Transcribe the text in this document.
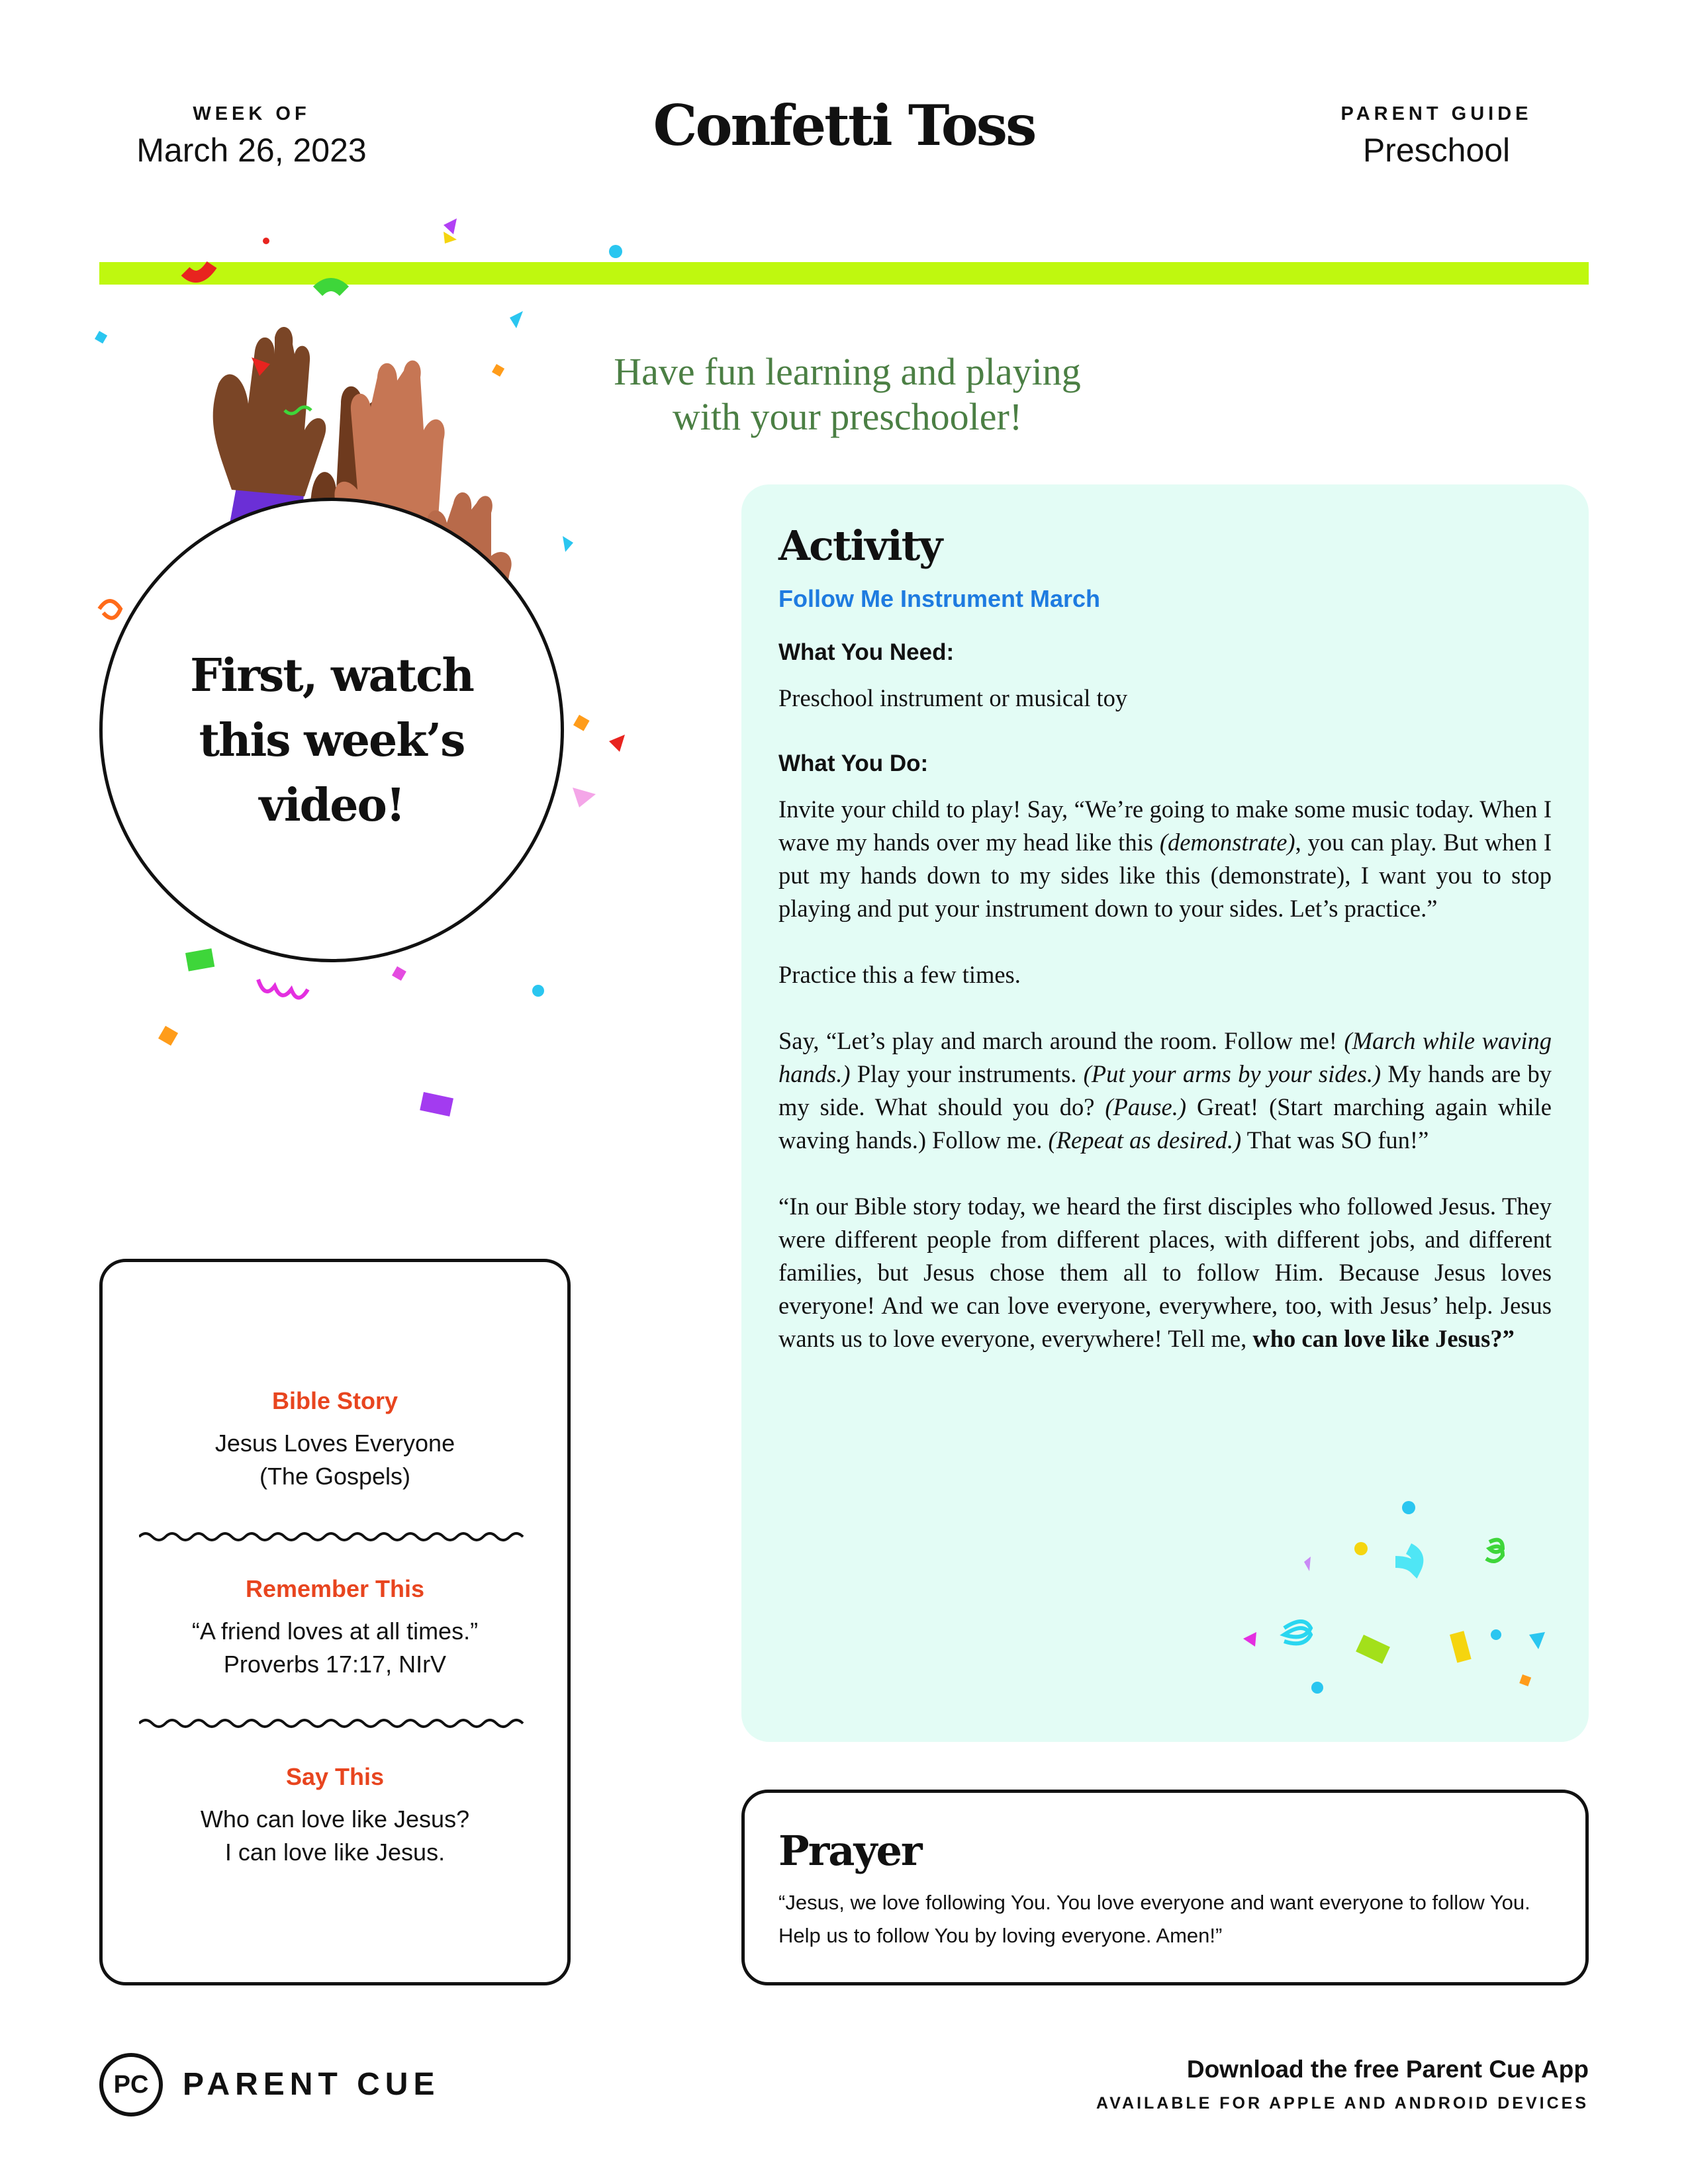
WEEK OF
March 26, 2023	Confetti Toss	PARENT GUIDE
Preschool
Have fun learning and playing
with your preschooler!
First, watch
this week’s
video!
Bible Story
Jesus Loves Everyone
(The Gospels)
Remember This
“A friend loves at all times.”
Proverbs 17:17, NIrV
Say This
Who can love like Jesus?
I can love like Jesus.
Activity
Follow Me Instrument March
What You Need:
Preschool instrument or musical toy
What You Do:

Invite your child to play! Say, “We’re going to make some music today. When I wave my hands over my head like this (demonstrate), you can play. But when I put my hands down to my sides like this (demonstrate), I want you to stop playing and put your instrument down to your sides. Let’s practice.”

Practice this a few times.

Say, “Let’s play and march around the room. Follow me! (March while waving hands.) Play your instruments. (Put your arms by your sides.) My hands are by my side. What should you do? (Pause.) Great! (Start marching again while waving hands.) Follow me. (Repeat as desired.) That was SO fun!”

“In our Bible story today, we heard the first disciples who followed Jesus. They were different people from different places, with different jobs, and different families, but Jesus chose them all to follow Him. Because Jesus loves everyone! And we can love everyone, everywhere, too, with Jesus’ help. Jesus wants us to love everyone, everywhere! Tell me, who can love like Jesus?”

Prayer
“Jesus, we love following You. You love everyone and want everyone to follow You. Help us to follow You by loving everyone. Amen!”
PC	PARENT CUE	Download the free Parent Cue App
AVAILABLE FOR APPLE AND ANDROID DEVICES
